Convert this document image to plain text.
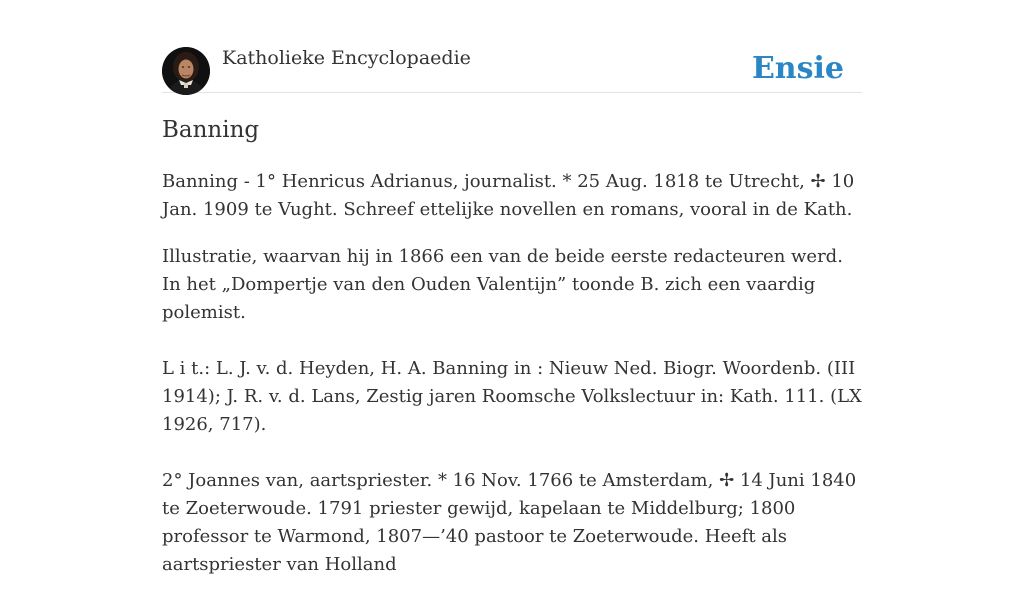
Katholieke Encyclopaedie	Ensie
Banning

Banning - 1° Henricus Adrianus, journalist. * 25 Aug. 1818 te Utrecht, ✢ 10 Jan. 1909 te Vught. Schreef ettelijke novellen en romans, vooral in de Kath.

Illustratie, waarvan hij in 1866 een van de beide eerste redacteuren werd. In het „Dompertje van den Ouden Valentijn” toonde B. zich een vaardig polemist.

L i t.: L. J. v. d. Heyden, H. A. Banning in : Nieuw Ned. Biogr. Woordenb. (III 1914); J. R. v. d. Lans, Zestig jaren Roomsche Volkslectuur in: Kath. 111. (LX 1926, 717).

2° Joannes van, aartspriester. * 16 Nov. 1766 te Amsterdam, ✢ 14 Juni 1840 te Zoeterwoude. 1791 priester gewijd, kapelaan te Middelburg; 1800 professor te Warmond, 1807—’40 pastoor te Zoeterwoude. Heeft als aartspriester van Holland
